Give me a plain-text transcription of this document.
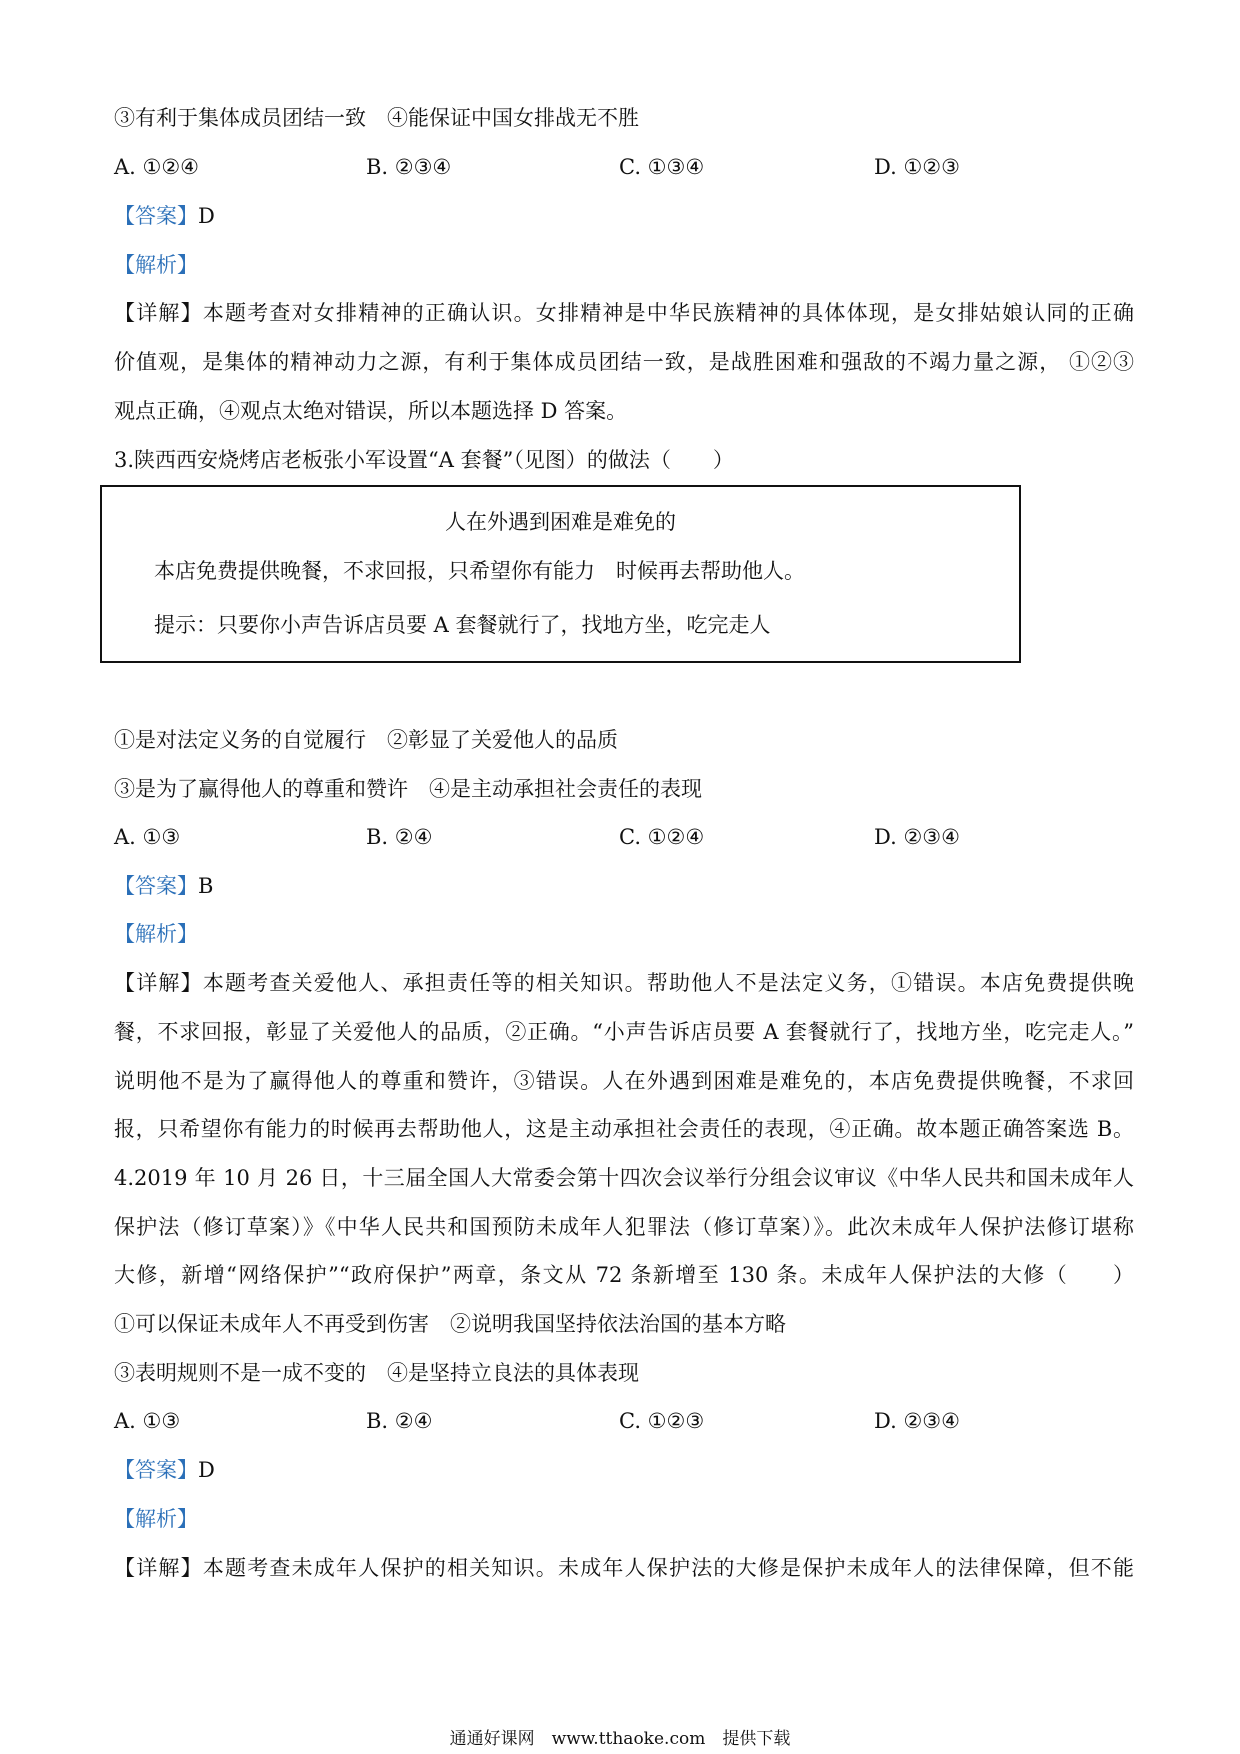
③有利于集体成员团结一致　④能保证中国女排战无不胜
A. ①②④	B. ②③④	C. ①③④	D. ①②③
【答案】D
【解析】
【详解】本题考查对女排精神的正确认识。女排精神是中华民族精神的具体体现，是女排姑娘认同的正确
价值观，是集体的精神动力之源，有利于集体成员团结一致，是战胜困难和强敌的不竭力量之源， ①②③
观点正确，④观点太绝对错误，所以本题选择 D 答案。
3.陕西西安烧烤店老板张小军设置“A 套餐”（见图）的做法（　　）
人在外遇到困难是难免的
本店免费提供晚餐，不求回报，只希望你有能力　时候再去帮助他人。
提示：只要你小声告诉店员要 A 套餐就行了，找地方坐，吃完走人
①是对法定义务的自觉履行　②彰显了关爱他人的品质
③是为了赢得他人的尊重和赞许　④是主动承担社会责任的表现
A. ①③	B. ②④	C. ①②④	D. ②③④
【答案】B
【解析】
【详解】本题考查关爱他人、承担责任等的相关知识。帮助他人不是法定义务，①错误。本店免费提供晚
餐，不求回报，彰显了关爱他人的品质，②正确。“小声告诉店员要 A 套餐就行了，找地方坐，吃完走人。”
说明他不是为了赢得他人的尊重和赞许，③错误。人在外遇到困难是难免的，本店免费提供晚餐，不求回
报，只希望你有能力的时候再去帮助他人，这是主动承担社会责任的表现，④正确。故本题正确答案选 B。
4.2019 年 10 月 26 日，十三届全国人大常委会第十四次会议举行分组会议审议《中华人民共和国未成年人
保护法（修订草案）》《中华人民共和国预防未成年人犯罪法（修订草案）》。此次未成年人保护法修订堪称
大修，新增“网络保护”“政府保护”两章，条文从 72 条新增至 130 条。未成年人保护法的大修（　　）
①可以保证未成年人不再受到伤害　②说明我国坚持依法治国的基本方略
③表明规则不是一成不变的　④是坚持立良法的具体表现
A. ①③	B. ②④	C. ①②③	D. ②③④
【答案】D
【解析】
【详解】本题考查未成年人保护的相关知识。未成年人保护法的大修是保护未成年人的法律保障，但不能
通通好课网　www.tthaoke.com　提供下载
